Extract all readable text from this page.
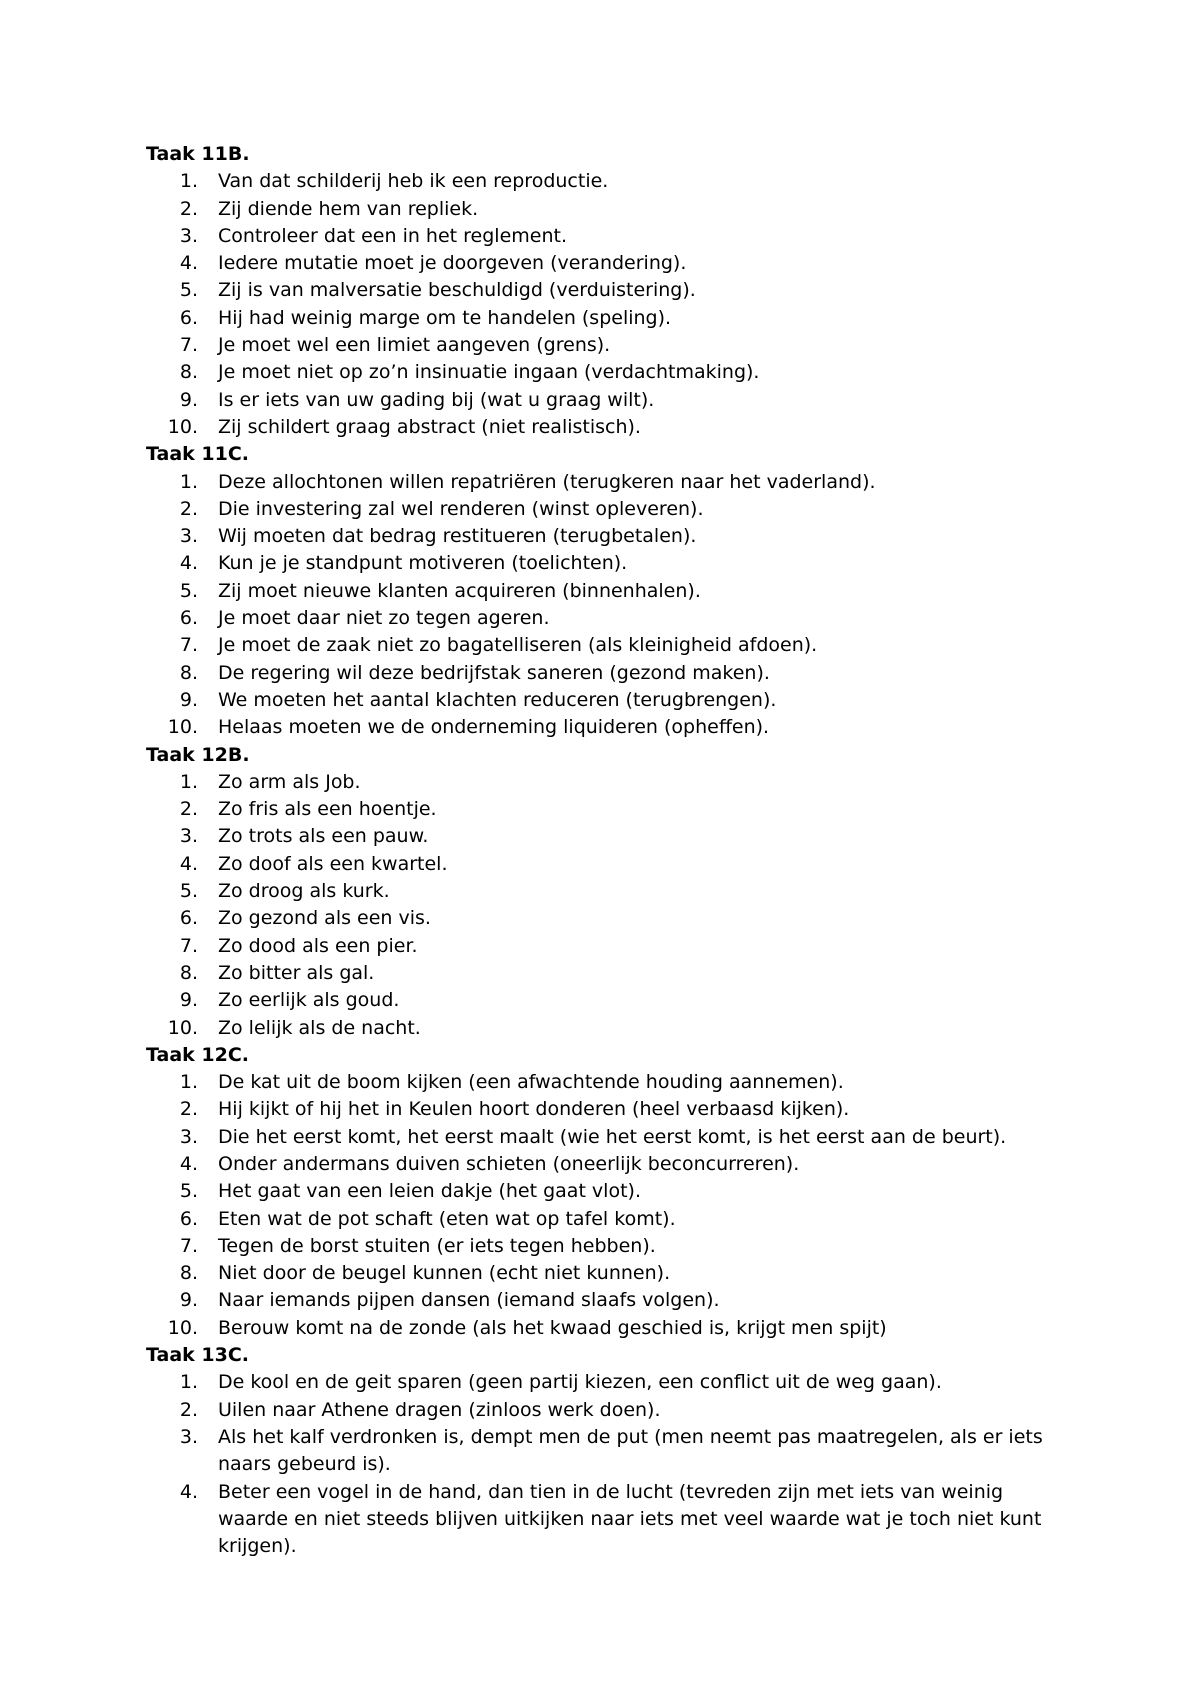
Taak 11B.
1. Van dat schilderij heb ik een reproductie.
2. Zij diende hem van repliek.
3. Controleer dat een in het reglement.
4. Iedere mutatie moet je doorgeven (verandering).
5. Zij is van malversatie beschuldigd (verduistering).
6. Hij had weinig marge om te handelen (speling).
7. Je moet wel een limiet aangeven (grens).
8. Je moet niet op zo’n insinuatie ingaan (verdachtmaking).
9. Is er iets van uw gading bij (wat u graag wilt).
10. Zij schildert graag abstract (niet realistisch).
Taak 11C.
1. Deze allochtonen willen repatriëren (terugkeren naar het vaderland).
2. Die investering zal wel renderen (winst opleveren).
3. Wij moeten dat bedrag restitueren (terugbetalen).
4. Kun je je standpunt motiveren (toelichten).
5. Zij moet nieuwe klanten acquireren (binnenhalen).
6. Je moet daar niet zo tegen ageren.
7. Je moet de zaak niet zo bagatelliseren (als kleinigheid afdoen).
8. De regering wil deze bedrijfstak saneren (gezond maken).
9. We moeten het aantal klachten reduceren (terugbrengen).
10. Helaas moeten we de onderneming liquideren (opheffen).
Taak 12B.
1. Zo arm als Job.
2. Zo fris als een hoentje.
3. Zo trots als een pauw.
4. Zo doof als een kwartel.
5. Zo droog als kurk.
6. Zo gezond als een vis.
7. Zo dood als een pier.
8. Zo bitter als gal.
9. Zo eerlijk als goud.
10. Zo lelijk als de nacht.
Taak 12C.
1. De kat uit de boom kijken (een afwachtende houding aannemen).
2. Hij kijkt of hij het in Keulen hoort donderen (heel verbaasd kijken).
3. Die het eerst komt, het eerst maalt (wie het eerst komt, is het eerst aan de beurt).
4. Onder andermans duiven schieten (oneerlijk beconcurreren).
5. Het gaat van een leien dakje (het gaat vlot).
6. Eten wat de pot schaft (eten wat op tafel komt).
7. Tegen de borst stuiten (er iets tegen hebben).
8. Niet door de beugel kunnen (echt niet kunnen).
9. Naar iemands pijpen dansen (iemand slaafs volgen).
10. Berouw komt na de zonde (als het kwaad geschied is, krijgt men spijt)
Taak 13C.
1. De kool en de geit sparen (geen partij kiezen, een conflict uit de weg gaan).
2. Uilen naar Athene dragen (zinloos werk doen).
3. Als het kalf verdronken is, dempt men de put (men neemt pas maatregelen, als er iets naars gebeurd is).
4. Beter een vogel in de hand, dan tien in de lucht (tevreden zijn met iets van weinig waarde en niet steeds blijven uitkijken naar iets met veel waarde wat je toch niet kunt krijgen).
